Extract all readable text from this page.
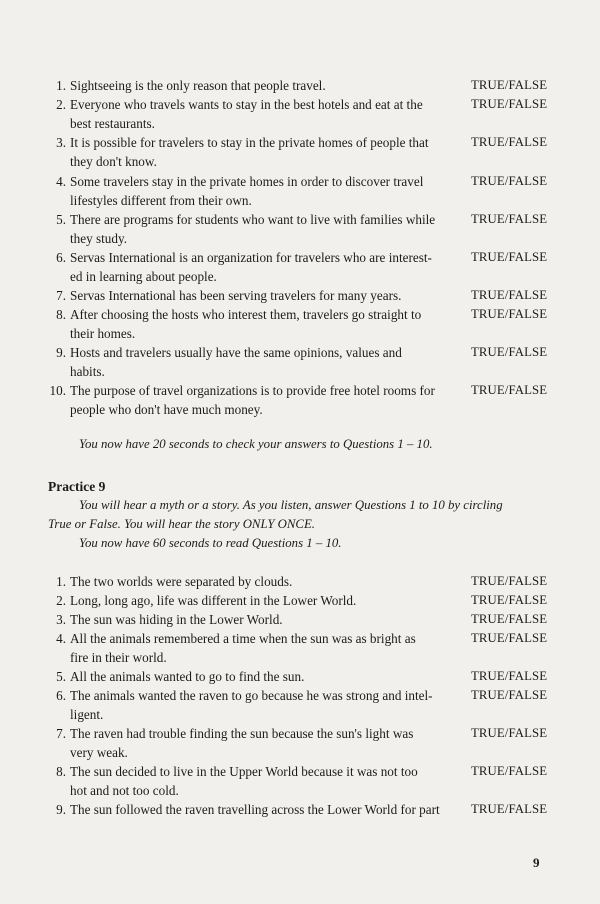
1. Sightseeing is the only reason that people travel.	TRUE/FALSE
2. Everyone who travels wants to stay in the best hotels and eat at the	TRUE/FALSE
best restaurants.
3. It is possible for travelers to stay in the private homes of people that	TRUE/FALSE
they don't know.
4. Some travelers stay in the private homes in order to discover travel	TRUE/FALSE
lifestyles different from their own.
5. There are programs for students who want to live with families while	TRUE/FALSE
they study.
6. Servas International is an organization for travelers who are interest-	TRUE/FALSE
ed in learning about people.
7. Servas International has been serving travelers for many years.	TRUE/FALSE
8. After choosing the hosts who interest them, travelers go straight to	TRUE/FALSE
their homes.
9. Hosts and travelers usually have the same opinions, values and	TRUE/FALSE
habits.
10. The purpose of travel organizations is to provide free hotel rooms for	TRUE/FALSE
people who don't have much money.
You now have 20 seconds to check your answers to Questions 1 – 10.
Practice 9
You will hear a myth or a story. As you listen, answer Questions 1 to 10 by circling
True or False. You will hear the story ONLY ONCE.
You now have 60 seconds to read Questions 1 – 10.
1. The two worlds were separated by clouds.	TRUE/FALSE
2. Long, long ago, life was different in the Lower World.	TRUE/FALSE
3. The sun was hiding in the Lower World.	TRUE/FALSE
4. All the animals remembered a time when the sun was as bright as	TRUE/FALSE
fire in their world.
5. All the animals wanted to go to find the sun.	TRUE/FALSE
6. The animals wanted the raven to go because he was strong and intel-	TRUE/FALSE
ligent.
7. The raven had trouble finding the sun because the sun's light was	TRUE/FALSE
very weak.
8. The sun decided to live in the Upper World because it was not too	TRUE/FALSE
hot and not too cold.
9. The sun followed the raven travelling across the Lower World for part	TRUE/FALSE
9
